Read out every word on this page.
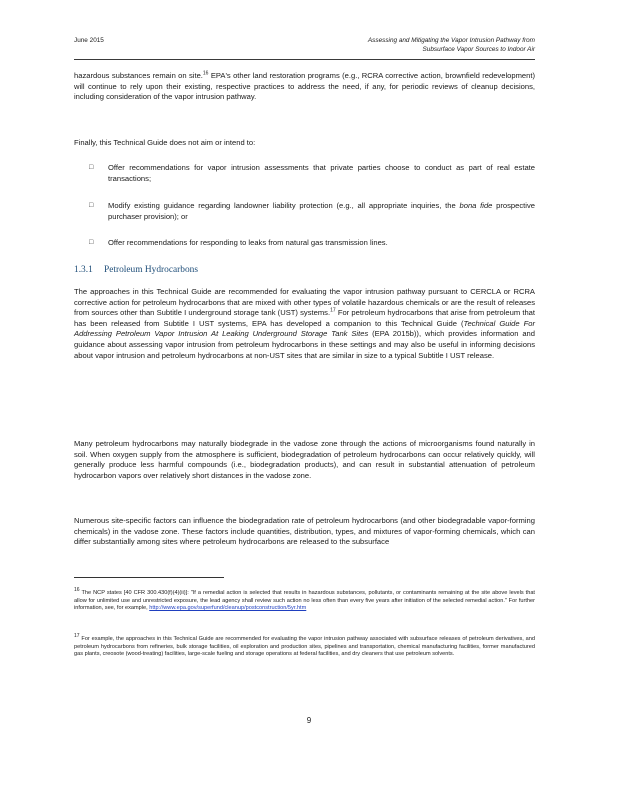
June 2015	Assessing and Mitigating the Vapor Intrusion Pathway from
Subsurface Vapor Sources to Indoor Air

hazardous substances remain on site.$^{16}$ EPA's other land restoration programs (e.g., RCRA corrective action, brownfield redevelopment) will continue to rely upon their existing, respective practices to address the need, if any, for periodic reviews of cleanup decisions, including consideration of the vapor intrusion pathway.

Finally, this Technical Guide does not aim or intend to:

□ Offer recommendations for vapor intrusion assessments that private parties choose to conduct as part of real estate transactions;
□ Modify existing guidance regarding landowner liability protection (e.g., all appropriate inquiries, the bona fide prospective purchaser provision); or
□ Offer recommendations for responding to leaks from natural gas transmission lines.
1.3.1 Petroleum Hydrocarbons

The approaches in this Technical Guide are recommended for evaluating the vapor intrusion pathway pursuant to CERCLA or RCRA corrective action for petroleum hydrocarbons that are mixed with other types of volatile hazardous chemicals or are the result of releases from sources other than Subtitle I underground storage tank (UST) systems.$^{17}$ For petroleum hydrocarbons that arise from petroleum that has been released from Subtitle I UST systems, EPA has developed a companion to this Technical Guide (Technical Guide For Addressing Petroleum Vapor Intrusion At Leaking Underground Storage Tank Sites (EPA 2015b)), which provides information and guidance about assessing vapor intrusion from petroleum hydrocarbons in these settings and may also be useful in informing decisions about vapor intrusion and petroleum hydrocarbons at non-UST sites that are similar in size to a typical Subtitle I UST release.

Many petroleum hydrocarbons may naturally biodegrade in the vadose zone through the actions of microorganisms found naturally in soil. When oxygen supply from the atmosphere is sufficient, biodegradation of petroleum hydrocarbons can occur relatively quickly, will generally produce less harmful compounds (i.e., biodegradation products), and can result in substantial attenuation of petroleum hydrocarbon vapors over relatively short distances in the vadose zone.

Numerous site-specific factors can influence the biodegradation rate of petroleum hydrocarbons (and other biodegradable vapor-forming chemicals) in the vadose zone. These factors include quantities, distribution, types, and mixtures of vapor-forming chemicals, which can differ substantially among sites where petroleum hydrocarbons are released to the subsurface

$^{16}$ The NCP states [40 CFR 300.430(f)(4)(ii)]: "If a remedial action is selected that results in hazardous substances, pollutants, or contaminants remaining at the site above levels that allow for unlimited use and unrestricted exposure, the lead agency shall review such action no less often than every five years after initiation of the selected remedial action." For further information, see, for example, http://www.epa.gov/superfund/cleanup/postconstruction/5yr.htm
$^{17}$ For example, the approaches in this Technical Guide are recommended for evaluating the vapor intrusion pathway associated with subsurface releases of petroleum derivatives, and petroleum hydrocarbons from refineries, bulk storage facilities, oil exploration and production sites, pipelines and transportation, chemical manufacturing facilities, former manufactured gas plants, creosote (wood-treating) facilities, large-scale fueling and storage operations at federal facilities, and dry cleaners that use petroleum solvents.
9
